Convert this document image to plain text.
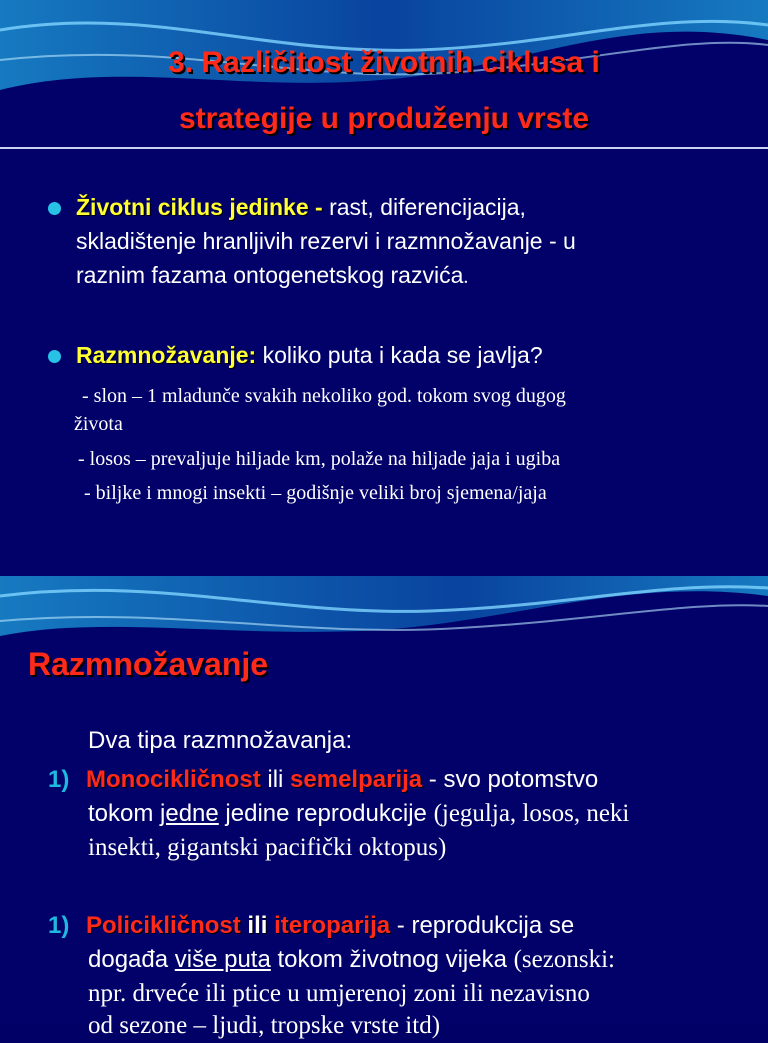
3. Različitost životnih ciklusa i
strategije u produženju vrste
Životni ciklus jedinke - rast, diferencijacija,
skladištenje hranljivih rezervi i razmnožavanje - u
raznim fazama ontogenetskog razvića.
Razmnožavanje: koliko puta i kada se javlja?
- slon – 1 mladunče svakih nekoliko god. tokom svog dugog
života
- losos – prevaljuje hiljade km, polaže na hiljade jaja i ugiba
- biljke i mnogi insekti – godišnje veliki broj sjemena/jaja
Razmnožavanje
Dva tipa razmnožavanja:
1) Monocikličnost ili semelparija - svo potomstvo
tokom jedne jedine reprodukcije (jegulja, losos, neki
insekti, gigantski pacifički oktopus)
1) Policikličnost ili iteroparija - reprodukcija se
događa više puta tokom životnog vijeka (sezonski:
npr. drveće ili ptice u umjerenoj zoni ili nezavisno
od sezone – ljudi, tropske vrste itd)
